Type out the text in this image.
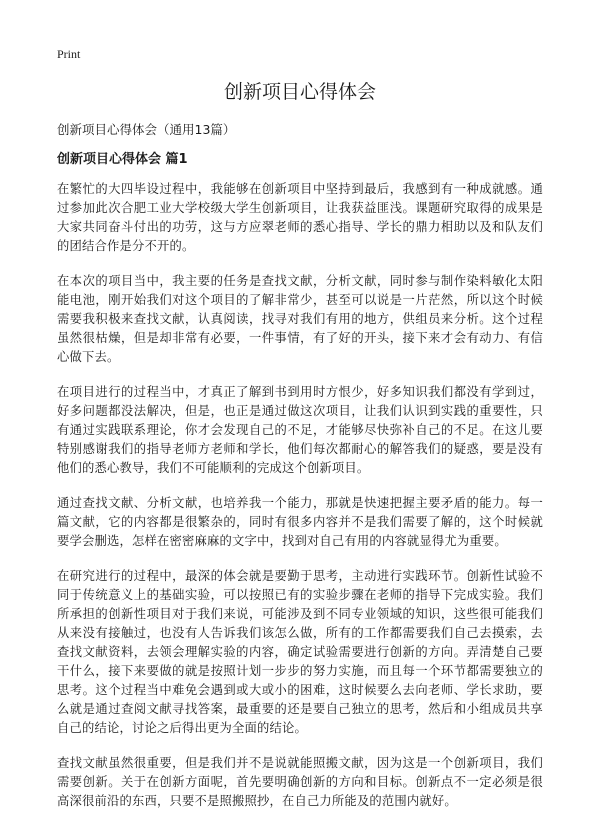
Print

创新项目心得体会

创新项目心得体会（通用13篇）

创新项目心得体会 篇1

在繁忙的大四毕设过程中，我能够在创新项目中坚持到最后，我感到有一种成就感。通过参加此次合肥工业大学校级大学生创新项目，让我获益匪浅。课题研究取得的成果是大家共同奋斗付出的功劳，这与方应翠老师的悉心指导、学长的鼎力相助以及和队友们的团结合作是分不开的。

在本次的项目当中，我主要的任务是查找文献，分析文献，同时参与制作染料敏化太阳能电池，刚开始我们对这个项目的了解非常少，甚至可以说是一片茫然，所以这个时候需要我积极来查找文献，认真阅读，找寻对我们有用的地方，供组员来分析。这个过程虽然很枯燥，但是却非常有必要，一件事情，有了好的开头，接下来才会有动力、有信心做下去。

在项目进行的过程当中，才真正了解到书到用时方恨少，好多知识我们都没有学到过，好多问题都没法解决，但是，也正是通过做这次项目，让我们认识到实践的重要性，只有通过实践联系理论，你才会发现自己的不足，才能够尽快弥补自己的不足。在这儿要特别感谢我们的指导老师方老师和学长，他们每次都耐心的解答我们的疑惑，要是没有他们的悉心教导，我们不可能顺利的完成这个创新项目。

通过查找文献、分析文献，也培养我一个能力，那就是快速把握主要矛盾的能力。每一篇文献，它的内容都是很繁杂的，同时有很多内容并不是我们需要了解的，这个时候就要学会删选，怎样在密密麻麻的文字中，找到对自己有用的内容就显得尤为重要。

在研究进行的过程中，最深的体会就是要勤于思考，主动进行实践环节。创新性试验不同于传统意义上的基础实验，可以按照已有的实验步骤在老师的指导下完成实验。我们所承担的创新性项目对于我们来说，可能涉及到不同专业领域的知识，这些很可能我们从来没有接触过，也没有人告诉我们该怎么做，所有的工作都需要我们自己去摸索，去查找文献资料，去领会理解实验的内容，确定试验需要进行创新的方向。弄清楚自己要干什么，接下来要做的就是按照计划一步步的努力实施，而且每一个环节都需要独立的思考。这个过程当中难免会遇到或大或小的困难，这时候要么去向老师、学长求助，要么就是通过查阅文献寻找答案，最重要的还是要自己独立的思考，然后和小组成员共享自己的结论，讨论之后得出更为全面的结论。

查找文献虽然很重要，但是我们并不是说就能照搬文献，因为这是一个创新项目，我们需要创新。关于在创新方面呢，首先要明确创新的方向和目标。创新点不一定必须是很高深很前沿的东西，只要不是照搬照抄，在自己力所能及的范围内就好。
